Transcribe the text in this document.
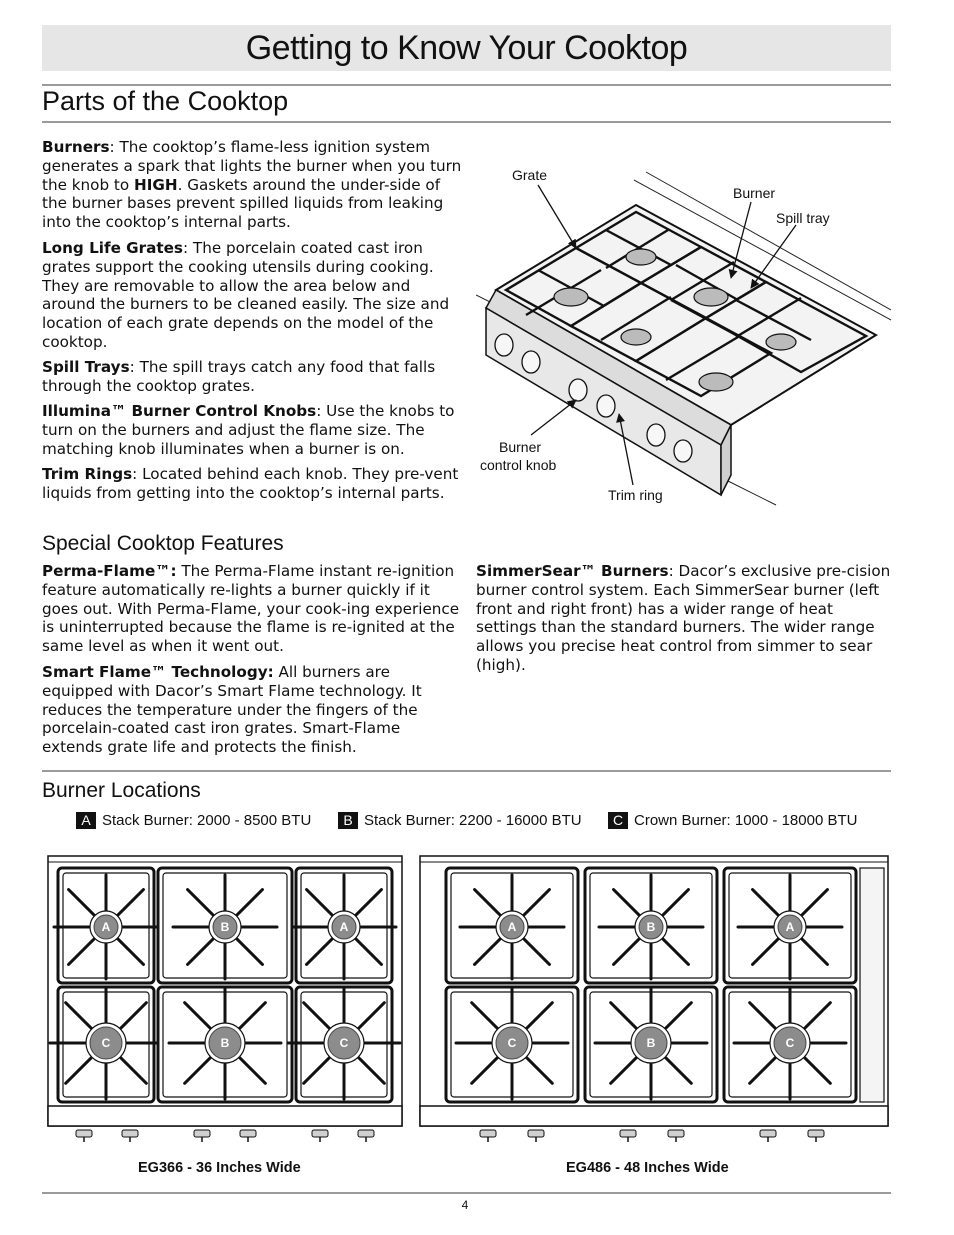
Getting to Know Your Cooktop
Parts of the Cooktop

Burners: The cooktop’s flame-less ignition system generates a spark that lights the burner when you turn the knob to HIGH. Gaskets around the under-side of the burner bases prevent spilled liquids from leaking into the cooktop’s internal parts.

Long Life Grates: The porcelain coated cast iron grates support the cooking utensils during cooking. They are removable to allow the area below and around the burners to be cleaned easily. The size and location of each grate depends on the model of the cooktop.

Spill Trays: The spill trays catch any food that falls through the cooktop grates.

Illumina™ Burner Control Knobs: Use the knobs to turn on the burners and adjust the flame size. The matching knob illuminates when a burner is on.

Trim Rings: Located behind each knob. They pre-vent liquids from getting into the cooktop’s internal parts.

Grate
Burner
Spill tray
Burner
control knob
Trim ring
Special Cooktop Features

Perma-Flame™: The Perma-Flame instant re-ignition feature automatically re-lights a burner quickly if it goes out. With Perma-Flame, your cook-ing experience is uninterrupted because the flame is re-ignited at the same level as when it went out.

Smart Flame™ Technology: All burners are equipped with Dacor’s Smart Flame technology. It reduces the temperature under the fingers of the porcelain-coated cast iron grates. Smart-Flame extends grate life and protects the finish.

SimmerSear™ Burners: Dacor’s exclusive pre-cision burner control system. Each SimmerSear burner (left front and right front) has a wider range of heat settings than the standard burners. The wider range allows you precise heat control from simmer to sear (high).

Burner Locations
A Stack Burner: 2000 - 8500 BTU	B Stack Burner: 2200 - 16000 BTU	C Crown Burner: 1000 - 18000 BTU
A
C
B
B
A
C
A
C
B
B
A
C
EG366 - 36 Inches Wide	EG486 - 48 Inches Wide
4
